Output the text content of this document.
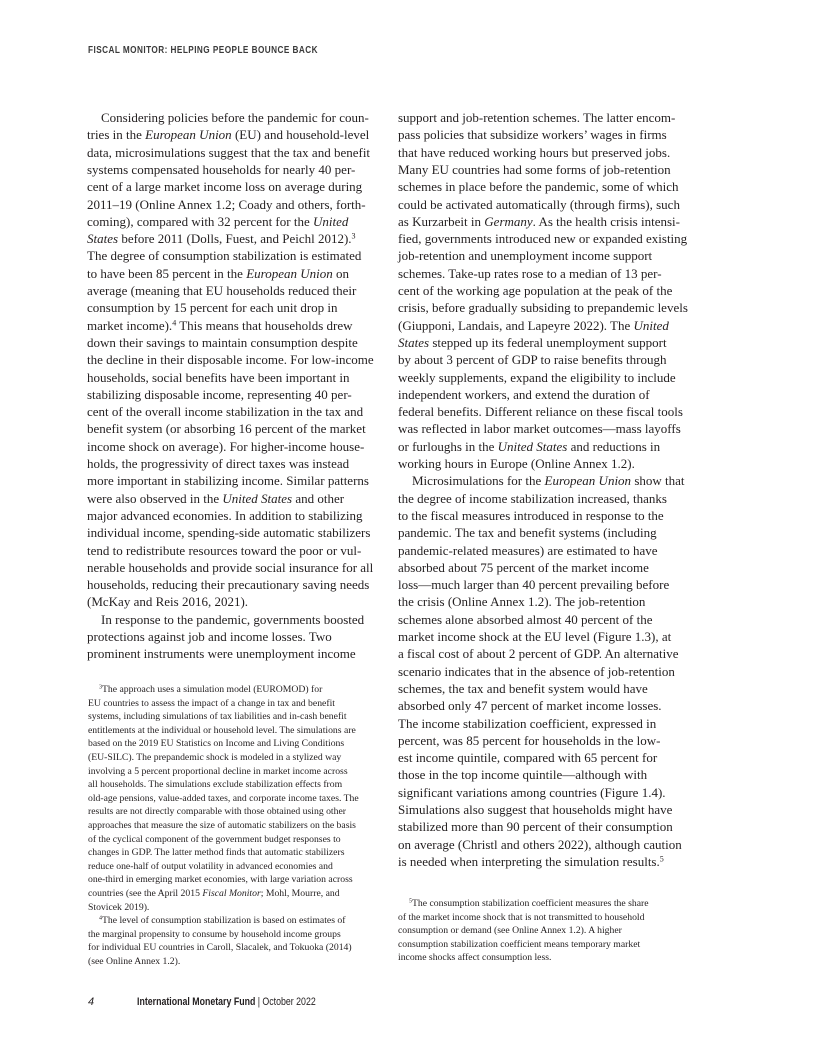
FISCAL MONITOR: HELPING PEOPLE BOUNCE BACK
Considering policies before the pandemic for coun-
tries in the European Union (EU) and household-level
data, microsimulations suggest that the tax and benefit
systems compensated households for nearly 40 per-
cent of a large market income loss on average during
2011–19 (Online Annex 1.2; Coady and others, forth-
coming), compared with 32 percent for the United
States before 2011 (Dolls, Fuest, and Peichl 2012).$^3$
The degree of consumption stabilization is estimated
to have been 85 percent in the European Union on
average (meaning that EU households reduced their
consumption by 15 percent for each unit drop in
market income).$^4$ This means that households drew
down their savings to maintain consumption despite
the decline in their disposable income. For low-income
households, social benefits have been important in
stabilizing disposable income, representing 40 per-
cent of the overall income stabilization in the tax and
benefit system (or absorbing 16 percent of the market
income shock on average). For higher-income house-
holds, the progressivity of direct taxes was instead
more important in stabilizing income. Similar patterns
were also observed in the United States and other
major advanced economies. In addition to stabilizing
individual income, spending-side automatic stabilizers
tend to redistribute resources toward the poor or vul-
nerable households and provide social insurance for all
households, reducing their precautionary saving needs
(McKay and Reis 2016, 2021).
In response to the pandemic, governments boosted
protections against job and income losses. Two
prominent instruments were unemployment income
support and job-retention schemes. The latter encom-
pass policies that subsidize workers’ wages in firms
that have reduced working hours but preserved jobs.
Many EU countries had some forms of job-retention
schemes in place before the pandemic, some of which
could be activated automatically (through firms), such
as Kurzarbeit in Germany. As the health crisis intensi-
fied, governments introduced new or expanded existing
job-retention and unemployment income support
schemes. Take-up rates rose to a median of 13 per-
cent of the working age population at the peak of the
crisis, before gradually subsiding to prepandemic levels
(Giupponi, Landais, and Lapeyre 2022). The United
States stepped up its federal unemployment support
by about 3 percent of GDP to raise benefits through
weekly supplements, expand the eligibility to include
independent workers, and extend the duration of
federal benefits. Different reliance on these fiscal tools
was reflected in labor market outcomes—mass layoffs
or furloughs in the United States and reductions in
working hours in Europe (Online Annex 1.2).
Microsimulations for the European Union show that
the degree of income stabilization increased, thanks
to the fiscal measures introduced in response to the
pandemic. The tax and benefit systems (including
pandemic-related measures) are estimated to have
absorbed about 75 percent of the market income
loss—much larger than 40 percent prevailing before
the crisis (Online Annex 1.2). The job-retention
schemes alone absorbed almost 40 percent of the
market income shock at the EU level (Figure 1.3), at
a fiscal cost of about 2 percent of GDP. An alternative
scenario indicates that in the absence of job-retention
schemes, the tax and benefit system would have
absorbed only 47 percent of market income losses.
The income stabilization coefficient, expressed in
percent, was 85 percent for households in the low-
est income quintile, compared with 65 percent for
those in the top income quintile—although with
significant variations among countries (Figure 1.4).
Simulations also suggest that households might have
stabilized more than 90 percent of their consumption
on average (Christl and others 2022), although caution
is needed when interpreting the simulation results.$^5$
$^3$The approach uses a simulation model (EUROMOD) for
EU countries to assess the impact of a change in tax and benefit
systems, including simulations of tax liabilities and in-cash benefit
entitlements at the individual or household level. The simulations are
based on the 2019 EU Statistics on Income and Living Conditions
(EU-SILC). The prepandemic shock is modeled in a stylized way
involving a 5 percent proportional decline in market income across
all households. The simulations exclude stabilization effects from
old-age pensions, value-added taxes, and corporate income taxes. The
results are not directly comparable with those obtained using other
approaches that measure the size of automatic stabilizers on the basis
of the cyclical component of the government budget responses to
changes in GDP. The latter method finds that automatic stabilizers
reduce one-half of output volatility in advanced economies and
one-third in emerging market economies, with large variation across
countries (see the April 2015 Fiscal Monitor; Mohl, Mourre, and
Stovicek 2019).
$^4$The level of consumption stabilization is based on estimates of
the marginal propensity to consume by household income groups
for individual EU countries in Caroll, Slacalek, and Tokuoka (2014)
(see Online Annex 1.2).
$^5$The consumption stabilization coefficient measures the share
of the market income shock that is not transmitted to household
consumption or demand (see Online Annex 1.2). A higher
consumption stabilization coefficient means temporary market
income shocks affect consumption less.
4	International Monetary Fund | October 2022
